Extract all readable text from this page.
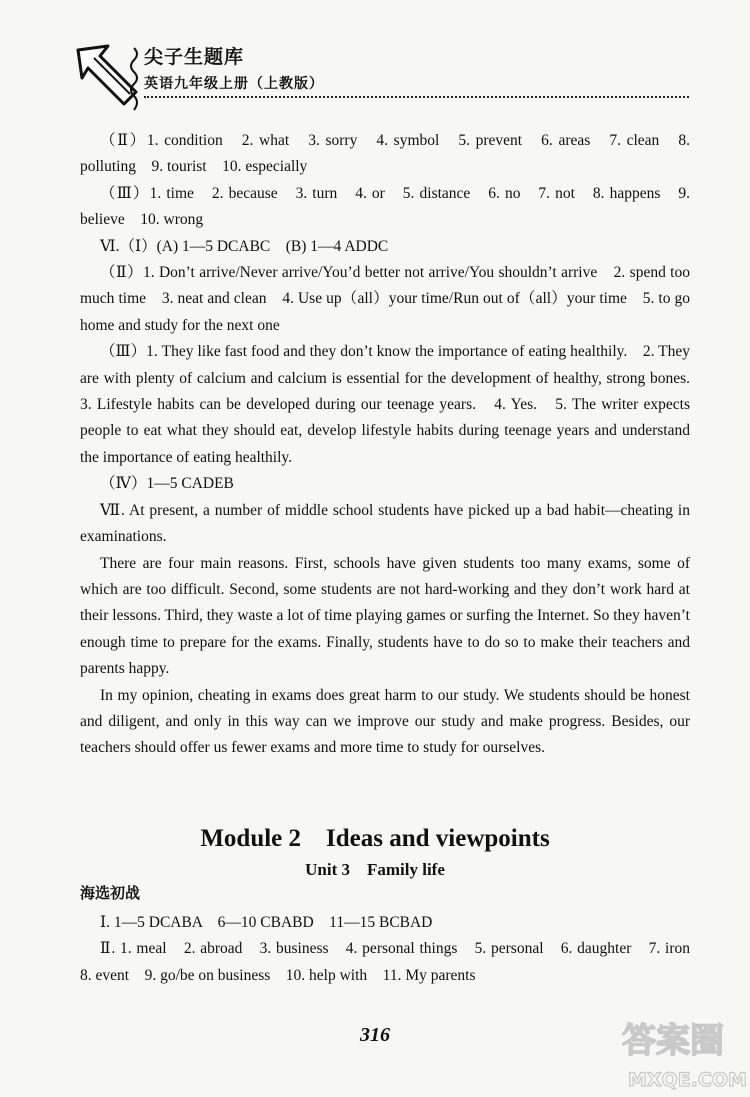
尖子生题库
英语九年级上册（上教版）

（Ⅱ）1. condition　2. what　3. sorry　4. symbol　5. prevent　6. areas　7. clean　8. polluting　9. tourist　10. especially

（Ⅲ）1. time　2. because　3. turn　4. or　5. distance　6. no　7. not　8. happens　9. believe　10. wrong

Ⅵ.（Ⅰ）(A) 1—5 DCABC　(B) 1—4 ADDC

（Ⅱ）1. Don’t arrive/Never arrive/You’d better not arrive/You shouldn’t arrive　2. spend too much time　3. neat and clean　4. Use up（all）your time/Run out of（all）your time　5. to go home and study for the next one

（Ⅲ）1. They like fast food and they don’t know the importance of eating healthily.　2. They are with plenty of calcium and calcium is essential for the development of healthy, strong bones.　3. Lifestyle habits can be developed during our teenage years.　4. Yes.　5. The writer expects people to eat what they should eat, develop lifestyle habits during teenage years and understand the importance of eating healthily.

（Ⅳ）1—5 CADEB

Ⅶ. At present, a number of middle school students have picked up a bad habit—cheating in examinations.

There are four main reasons. First, schools have given students too many exams, some of which are too difficult. Second, some students are not hard-working and they don’t work hard at their lessons. Third, they waste a lot of time playing games or surfing the Internet. So they haven’t enough time to prepare for the exams. Finally, students have to do so to make their teachers and parents happy.

In my opinion, cheating in exams does great harm to our study. We students should be honest and diligent, and only in this way can we improve our study and make progress. Besides, our teachers should offer us fewer exams and more time to study for ourselves.

Module 2　Ideas and viewpoints
Unit 3　Family life
海选初战

Ⅰ. 1—5 DCABA　6—10 CBABD　11—15 BCBAD

Ⅱ. 1. meal　2. abroad　3. business　4. personal things　5. personal　6. daughter　7. iron　8. event　9. go/be on business　10. help with　11. My parents

316	答案圈
MXQE.COM
